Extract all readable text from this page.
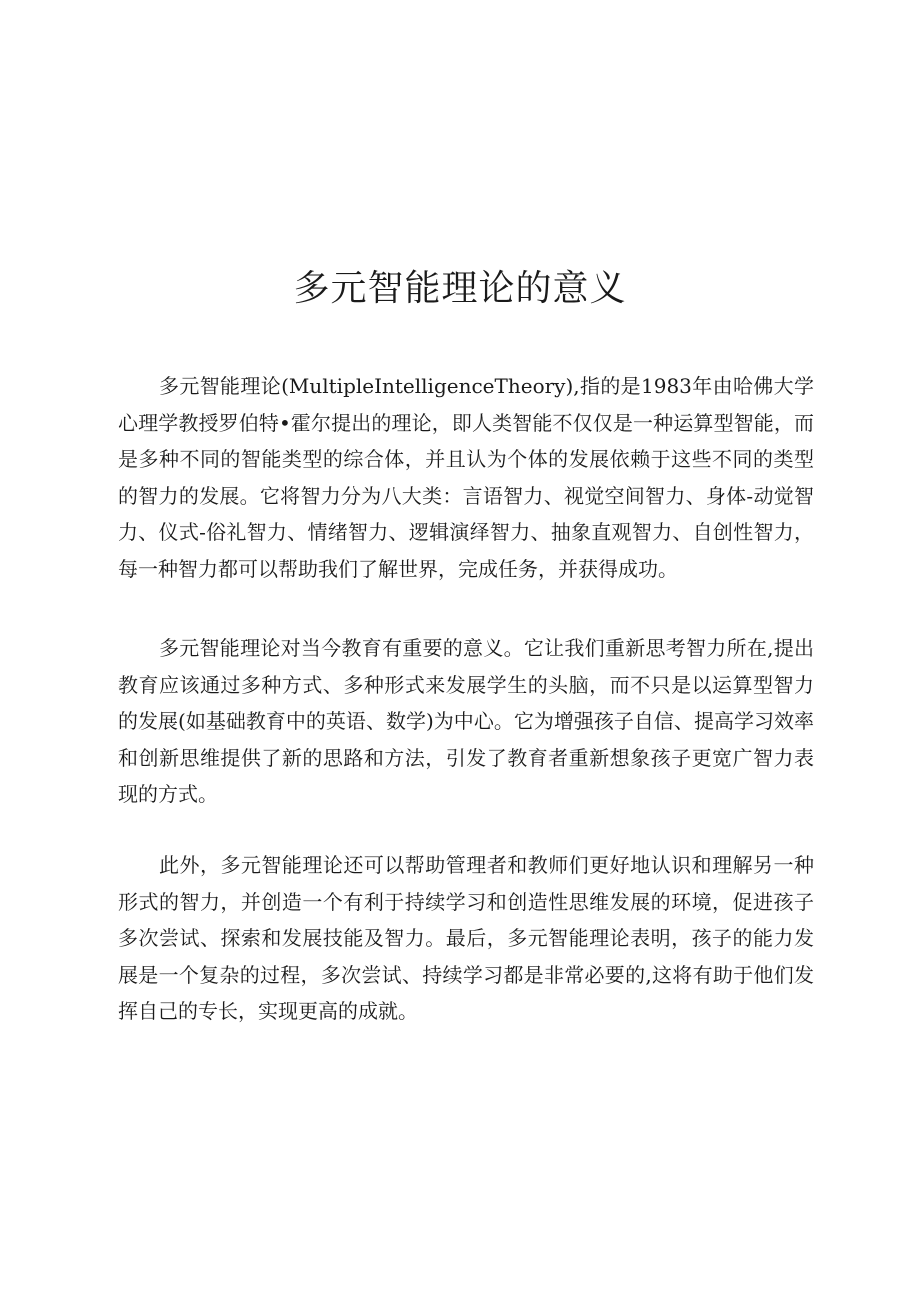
多元智能理论的意义

多元智能理论(MultipleIntelligenceTheory),指的是1983年由哈佛大学心理学教授罗伯特•霍尔提出的理论，即人类智能不仅仅是一种运算型智能，而是多种不同的智能类型的综合体，并且认为个体的发展依赖于这些不同的类型的智力的发展。它将智力分为八大类：言语智力、视觉空间智力、身体-动觉智力、仪式-俗礼智力、情绪智力、逻辑演绎智力、抽象直观智力、自创性智力，每一种智力都可以帮助我们了解世界，完成任务，并获得成功。

多元智能理论对当今教育有重要的意义。它让我们重新思考智力所在,提出教育应该通过多种方式、多种形式来发展学生的头脑，而不只是以运算型智力的发展(如基础教育中的英语、数学)为中心。它为增强孩子自信、提高学习效率和创新思维提供了新的思路和方法，引发了教育者重新想象孩子更宽广智力表现的方式。

此外，多元智能理论还可以帮助管理者和教师们更好地认识和理解另一种形式的智力，并创造一个有利于持续学习和创造性思维发展的环境，促进孩子多次尝试、探索和发展技能及智力。最后，多元智能理论表明，孩子的能力发展是一个复杂的过程，多次尝试、持续学习都是非常必要的,这将有助于他们发挥自己的专长，实现更高的成就。
